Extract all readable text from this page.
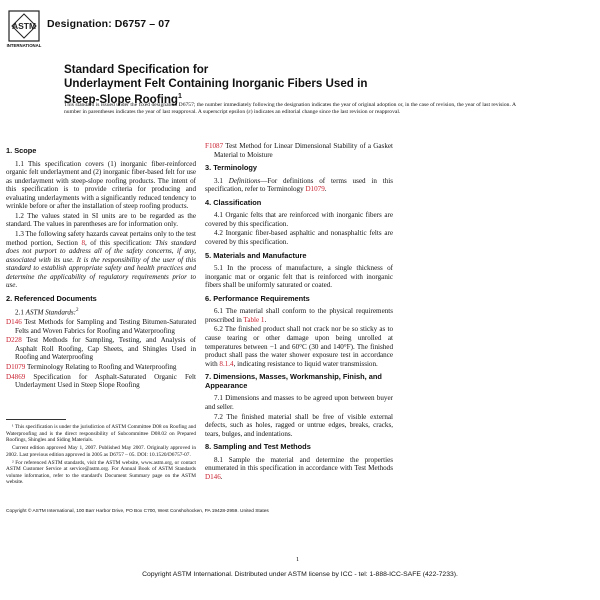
ASTM
INTERNATIONAL
Designation: D6757 – 07
Standard Specification for
Underlayment Felt Containing Inorganic Fibers Used in
Steep-Slope Roofing$^1$

This standard is issued under the fixed designation D6757; the number immediately following the designation indicates the year of original adoption or, in the case of revision, the year of last revision. A number in parentheses indicates the year of last reapproval. A superscript epsilon (ε) indicates an editorial change since the last revision or reapproval.

1. Scope

1.1 This specification covers (1) inorganic fiber-reinforced organic felt underlayment and (2) inorganic fiber-based felt for use as underlayment with steep-slope roofing products. The intent of this specification is to provide criteria for producing and evaluating underlayments with a significantly reduced tendency to wrinkle before or after the installation of steep roofing products.

1.2 The values stated in SI units are to be regarded as the standard. The values in parentheses are for information only.

1.3 The following safety hazards caveat pertains only to the test method portion, Section 8, of this specification: This standard does not purport to address all of the safety concerns, if any, associated with its use. It is the responsibility of the user of this standard to establish appropriate safety and health practices and determine the applicability of regulatory requirements prior to use.

2. Referenced Documents

2.1 ASTM Standards:$^2$

D146 Test Methods for Sampling and Testing Bitumen-Saturated Felts and Woven Fabrics for Roofing and Waterproofing

D228 Test Methods for Sampling, Testing, and Analysis of Asphalt Roll Roofing, Cap Sheets, and Shingles Used in Roofing and Waterproofing

D1079 Terminology Relating to Roofing and Waterproofing

D4869 Specification for Asphalt-Saturated Organic Felt Underlayment Used in Steep Slope Roofing

¹ This specification is under the jurisdiction of ASTM Committee D08 on Roofing and Waterproofing and is the direct responsibility of Subcommittee D08.02 on Prepared Roofings, Shingles and Siding Materials.

Current edition approved May 1, 2007. Published May 2007. Originally approved in 2002. Last previous edition approved in 2005 as D6757 – 05. DOI: 10.1520/D6757-07.

² For referenced ASTM standards, visit the ASTM website, www.astm.org, or contact ASTM Customer Service at service@astm.org. For Annual Book of ASTM Standards volume information, refer to the standard's Document Summary page on the ASTM website.

F1087 Test Method for Linear Dimensional Stability of a Gasket Material to Moisture

3. Terminology

3.1 Definitions—For definitions of terms used in this specification, refer to Terminology D1079.

4. Classification

4.1 Organic felts that are reinforced with inorganic fibers are covered by this specification.

4.2 Inorganic fiber-based asphaltic and nonasphaltic felts are covered by this specification.

5. Materials and Manufacture

5.1 In the process of manufacture, a single thickness of inorganic mat or organic felt that is reinforced with inorganic fibers shall be uniformly saturated or coated.

6. Performance Requirements

6.1 The material shall conform to the physical requirements prescribed in Table 1.

6.2 The finished product shall not crack nor be so sticky as to cause tearing or other damage upon being unrolled at temperatures between −1 and 60°C (30 and 140°F). The finished product shall pass the water shower exposure test in accordance with 8.1.4, indicating resistance to liquid water transmission.

7. Dimensions, Masses, Workmanship, Finish, and Appearance

7.1 Dimensions and masses to be agreed upon between buyer and seller.

7.2 The finished material shall be free of visible external defects, such as holes, ragged or untrue edges, breaks, cracks, tears, bulges, and indentations.

8. Sampling and Test Methods

8.1 Sample the material and determine the properties enumerated in this specification in accordance with Test Methods D146.

Copyright © ASTM International, 100 Barr Harbor Drive, PO Box C700, West Conshohocken, PA 19428-2959. United States
1
Copyright ASTM International. Distributed under ASTM license by ICC - tel: 1-888-ICC-SAFE (422-7233).
